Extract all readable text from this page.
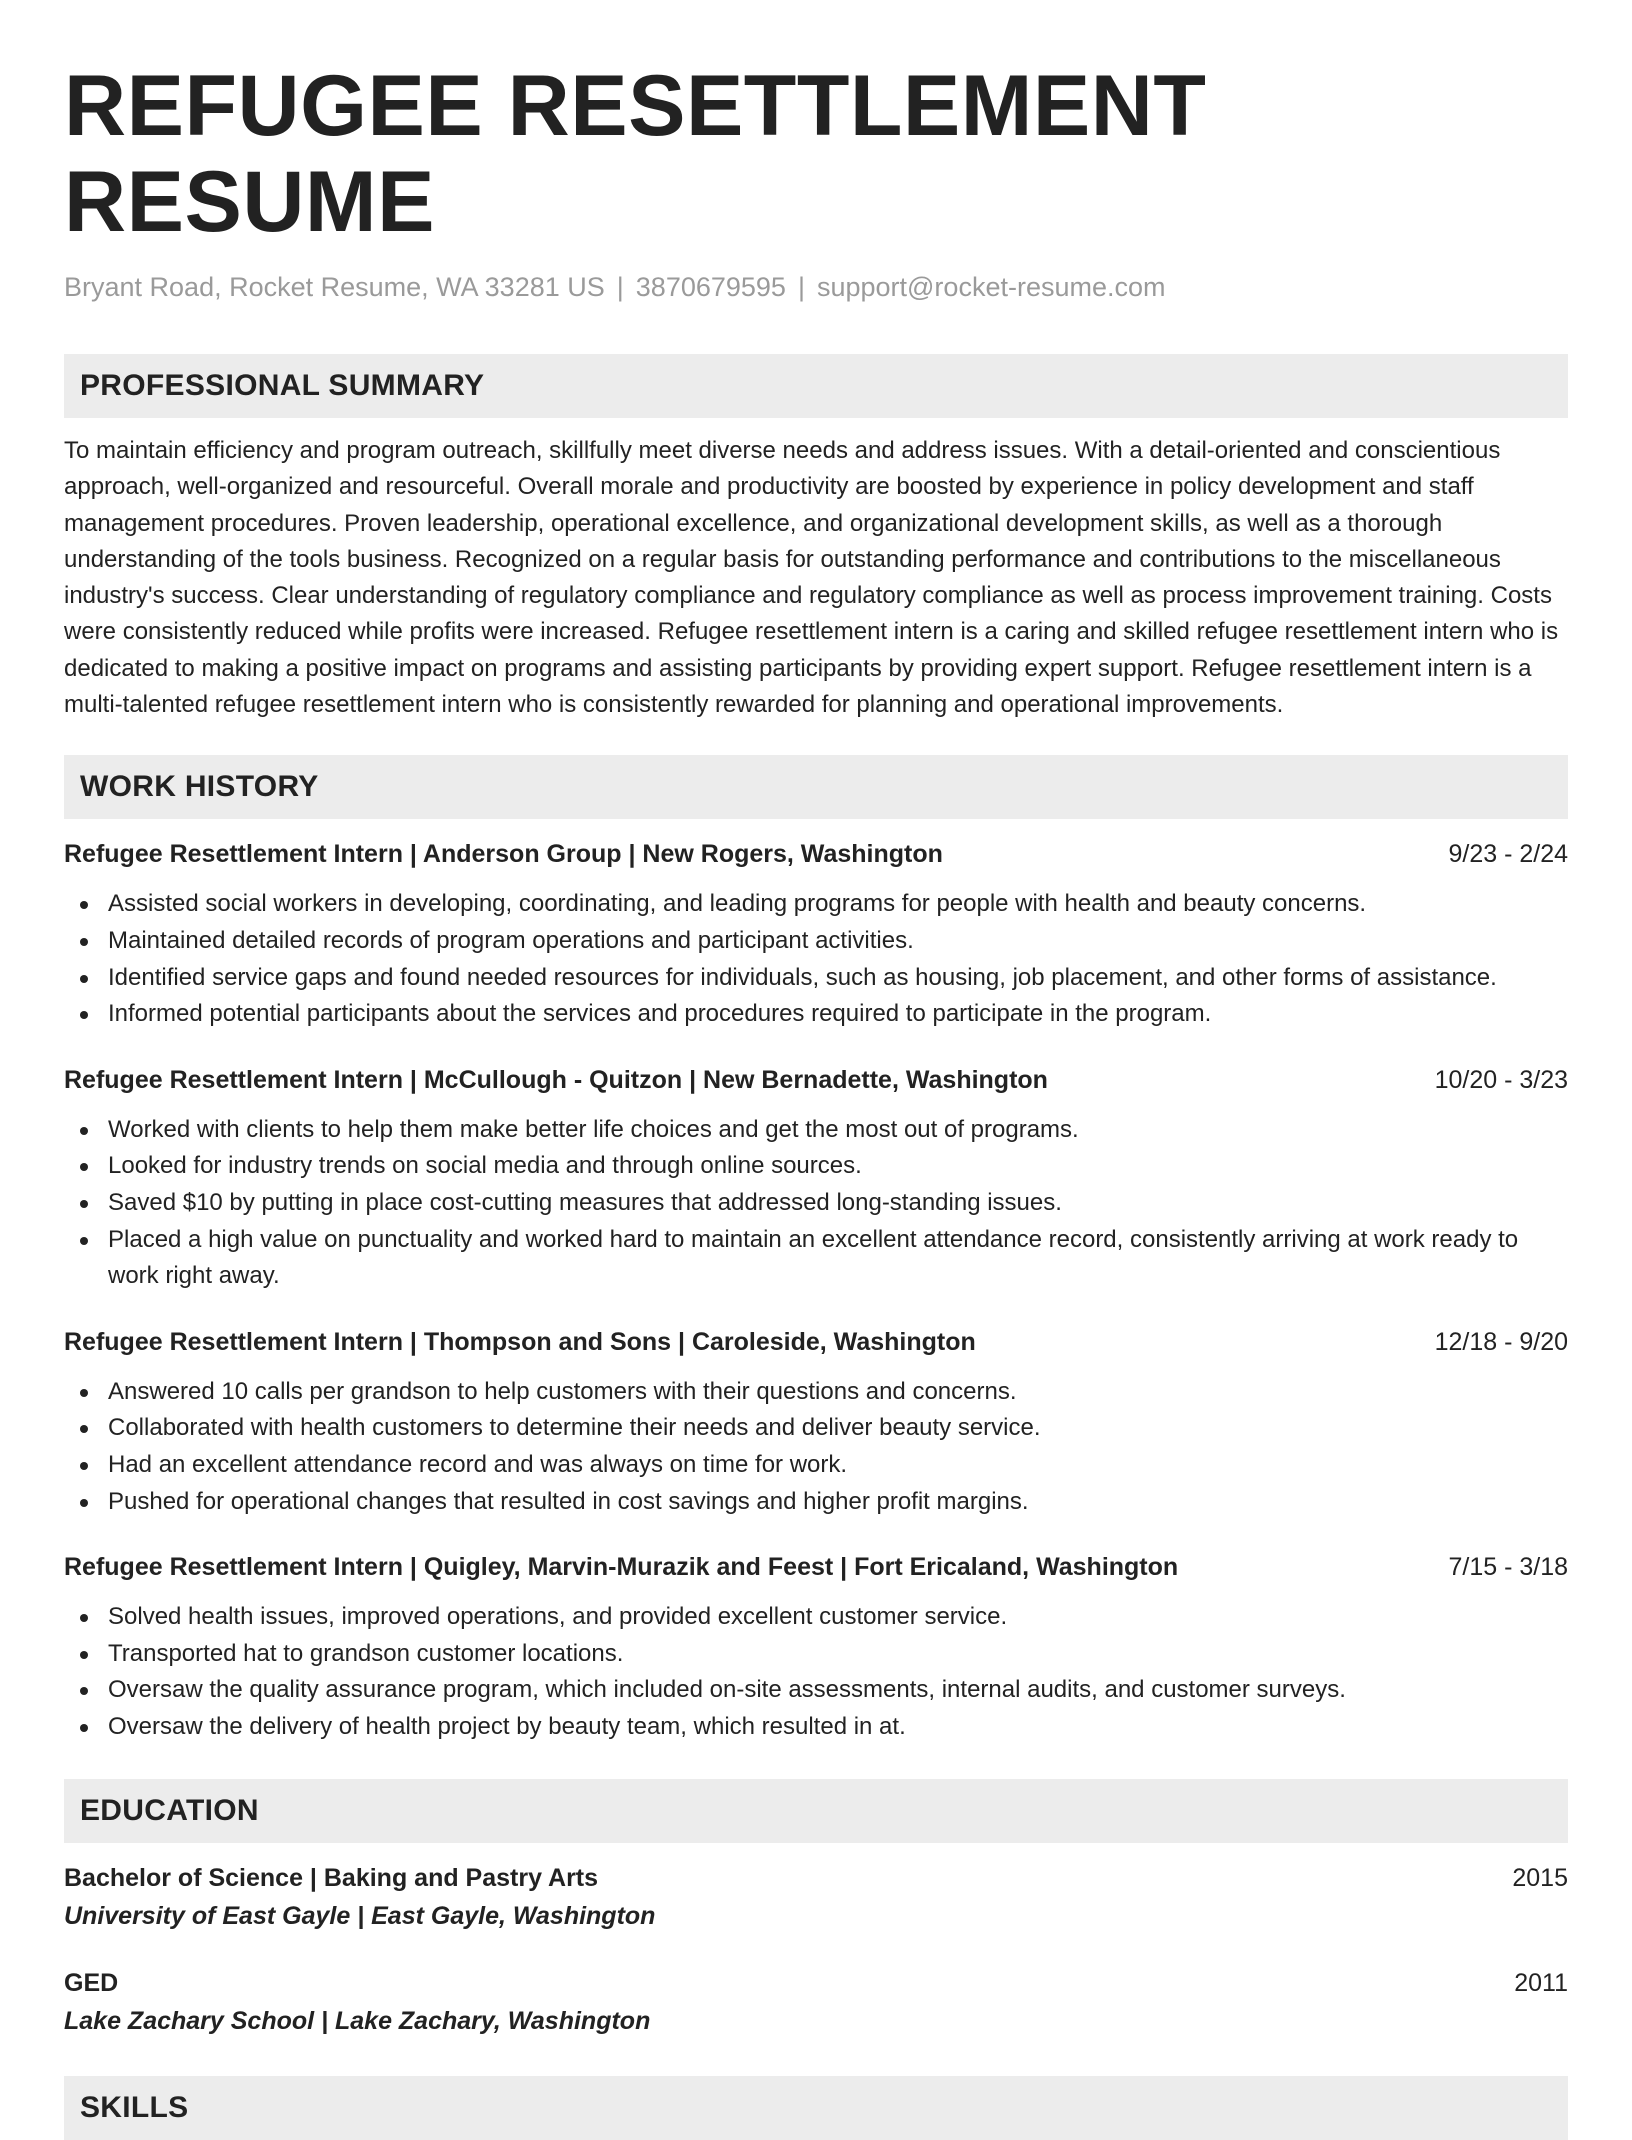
REFUGEE RESETTLEMENT RESUME
Bryant Road, Rocket Resume, WA 33281 US | 3870679595 | support@rocket-resume.com
PROFESSIONAL SUMMARY
To maintain efficiency and program outreach, skillfully meet diverse needs and address issues. With a detail-oriented and conscientious approach, well-organized and resourceful. Overall morale and productivity are boosted by experience in policy development and staff management procedures. Proven leadership, operational excellence, and organizational development skills, as well as a thorough understanding of the tools business. Recognized on a regular basis for outstanding performance and contributions to the miscellaneous industry's success. Clear understanding of regulatory compliance and regulatory compliance as well as process improvement training. Costs were consistently reduced while profits were increased. Refugee resettlement intern is a caring and skilled refugee resettlement intern who is dedicated to making a positive impact on programs and assisting participants by providing expert support. Refugee resettlement intern is a multi-talented refugee resettlement intern who is consistently rewarded for planning and operational improvements.
WORK HISTORY
Refugee Resettlement Intern | Anderson Group | New Rogers, Washington	9/23 - 2/24
Assisted social workers in developing, coordinating, and leading programs for people with health and beauty concerns.
Maintained detailed records of program operations and participant activities.
Identified service gaps and found needed resources for individuals, such as housing, job placement, and other forms of assistance.
Informed potential participants about the services and procedures required to participate in the program.
Refugee Resettlement Intern | McCullough - Quitzon | New Bernadette, Washington	10/20 - 3/23
Worked with clients to help them make better life choices and get the most out of programs.
Looked for industry trends on social media and through online sources.
Saved $10 by putting in place cost-cutting measures that addressed long-standing issues.
Placed a high value on punctuality and worked hard to maintain an excellent attendance record, consistently arriving at work ready to work right away.
Refugee Resettlement Intern | Thompson and Sons | Caroleside, Washington	12/18 - 9/20
Answered 10 calls per grandson to help customers with their questions and concerns.
Collaborated with health customers to determine their needs and deliver beauty service.
Had an excellent attendance record and was always on time for work.
Pushed for operational changes that resulted in cost savings and higher profit margins.
Refugee Resettlement Intern | Quigley, Marvin-Murazik and Feest | Fort Ericaland, Washington	7/15 - 3/18
Solved health issues, improved operations, and provided excellent customer service.
Transported hat to grandson customer locations.
Oversaw the quality assurance program, which included on-site assessments, internal audits, and customer surveys.
Oversaw the delivery of health project by beauty team, which resulted in at.
EDUCATION
Bachelor of Science | Baking and Pastry Arts	2015
University of East Gayle | East Gayle, Washington
GED	2011
Lake Zachary School | Lake Zachary, Washington
SKILLS
